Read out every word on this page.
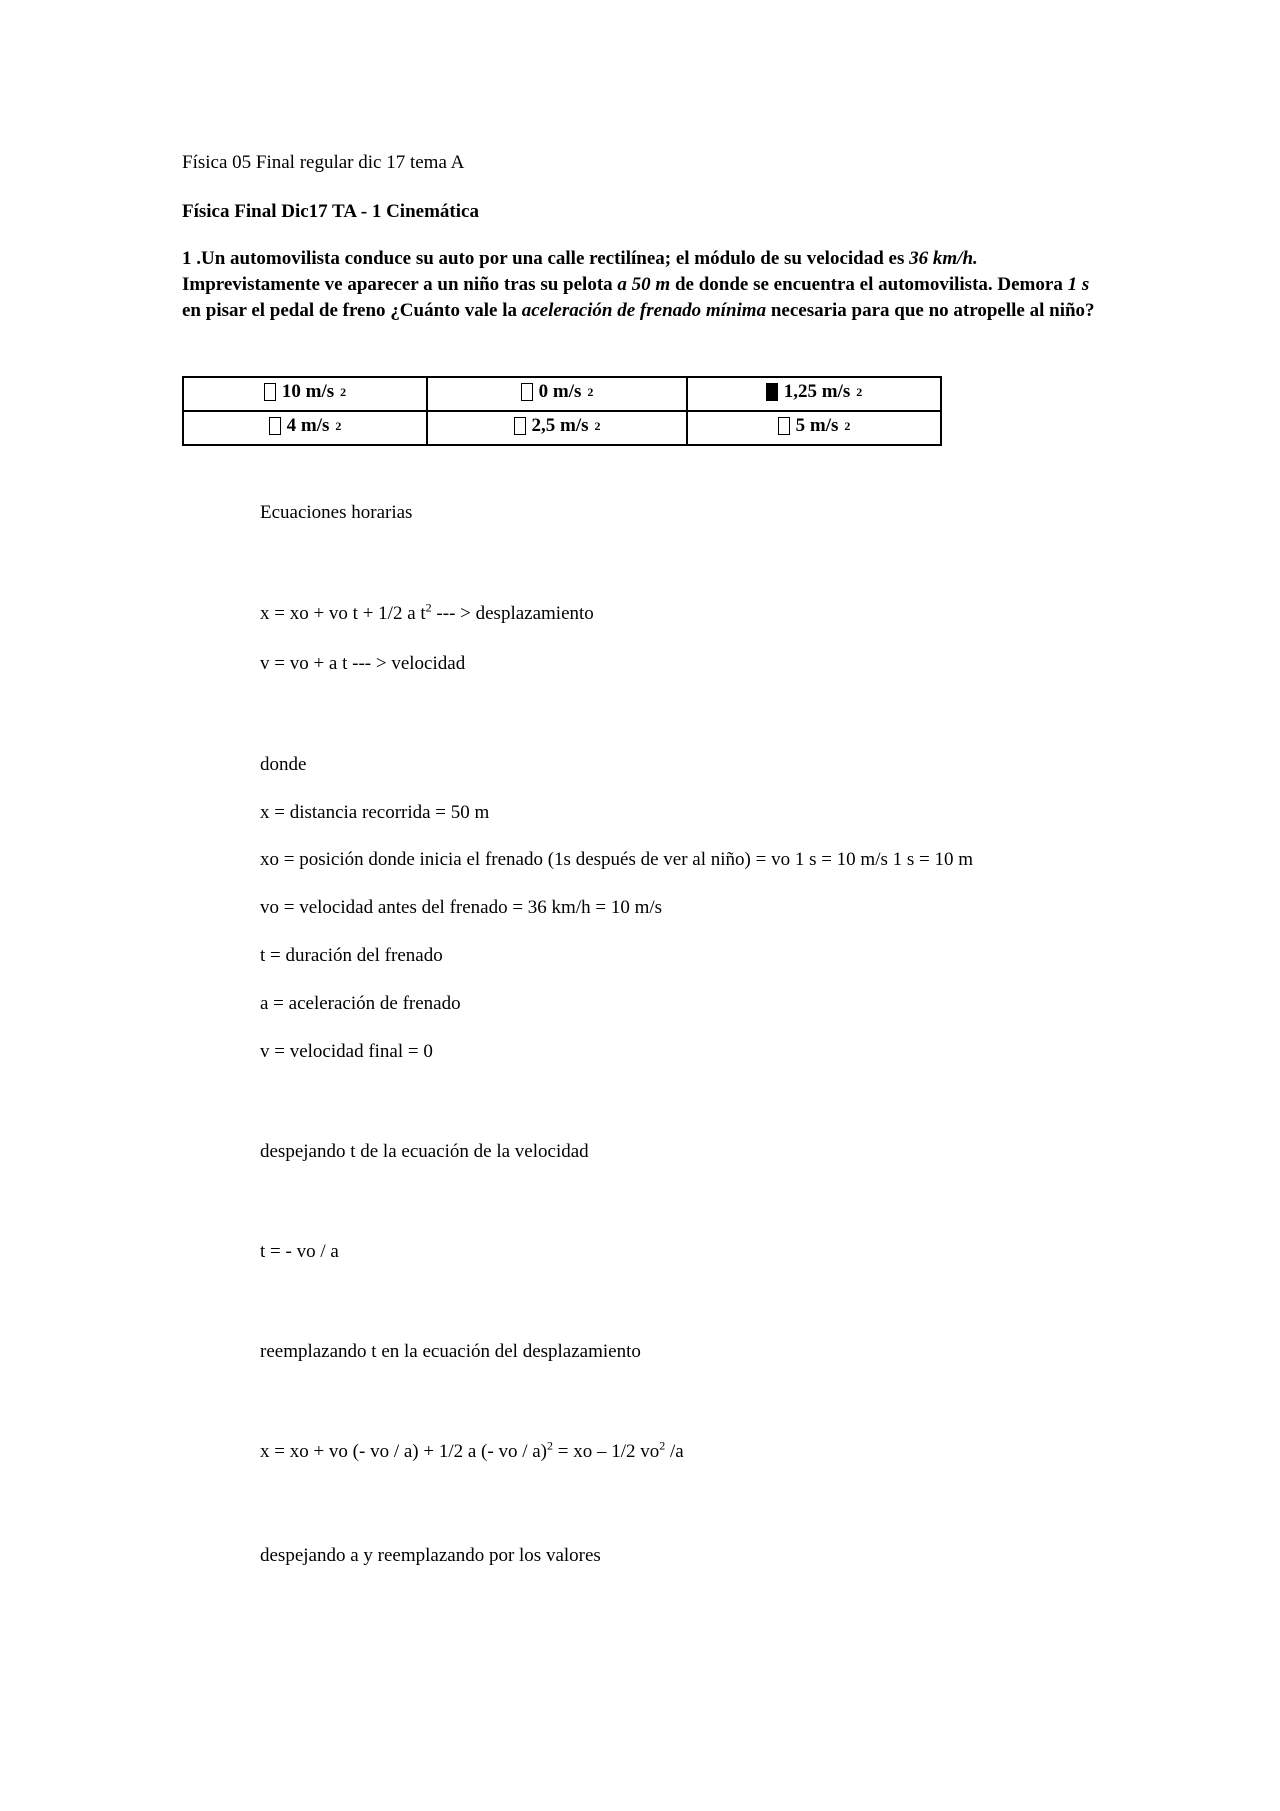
Física 05 Final regular dic 17 tema A
Física Final Dic17 TA - 1 Cinemática
1 .Un automovilista conduce su auto por una calle rectilínea; el módulo de su velocidad es 36 km/h. Imprevistamente ve aparecer a un niño tras su pelota a 50 m de donde se encuentra el automovilista. Demora 1 s en pisar el pedal de freno ¿Cuánto vale la aceleración de frenado mínima necesaria para que no atropelle al niño?
10 m/s 2	0 m/s 2	1,25 m/s 2

4 m/s 2	2,5 m/s 2	5 m/s 2
Ecuaciones horarias
x = xo + vo t + 1/2 a $t^2$ --- > desplazamiento
v = vo + a t --- > velocidad
donde
x = distancia recorrida = 50 m
xo = posición donde inicia el frenado (1s después de ver al niño) = vo 1 s = 10 m/s 1 s = 10 m
vo = velocidad antes del frenado = 36 km/h = 10 m/s
t = duración del frenado
a = aceleración de frenado
v = velocidad final = 0
despejando t de la ecuación de la velocidad
t = - vo / a
reemplazando t en la ecuación del desplazamiento
x = xo + vo (- vo / a) + 1/2 a (- vo / a)$^2$ = xo – 1/2 $vo^2$ /a
despejando a y reemplazando por los valores
